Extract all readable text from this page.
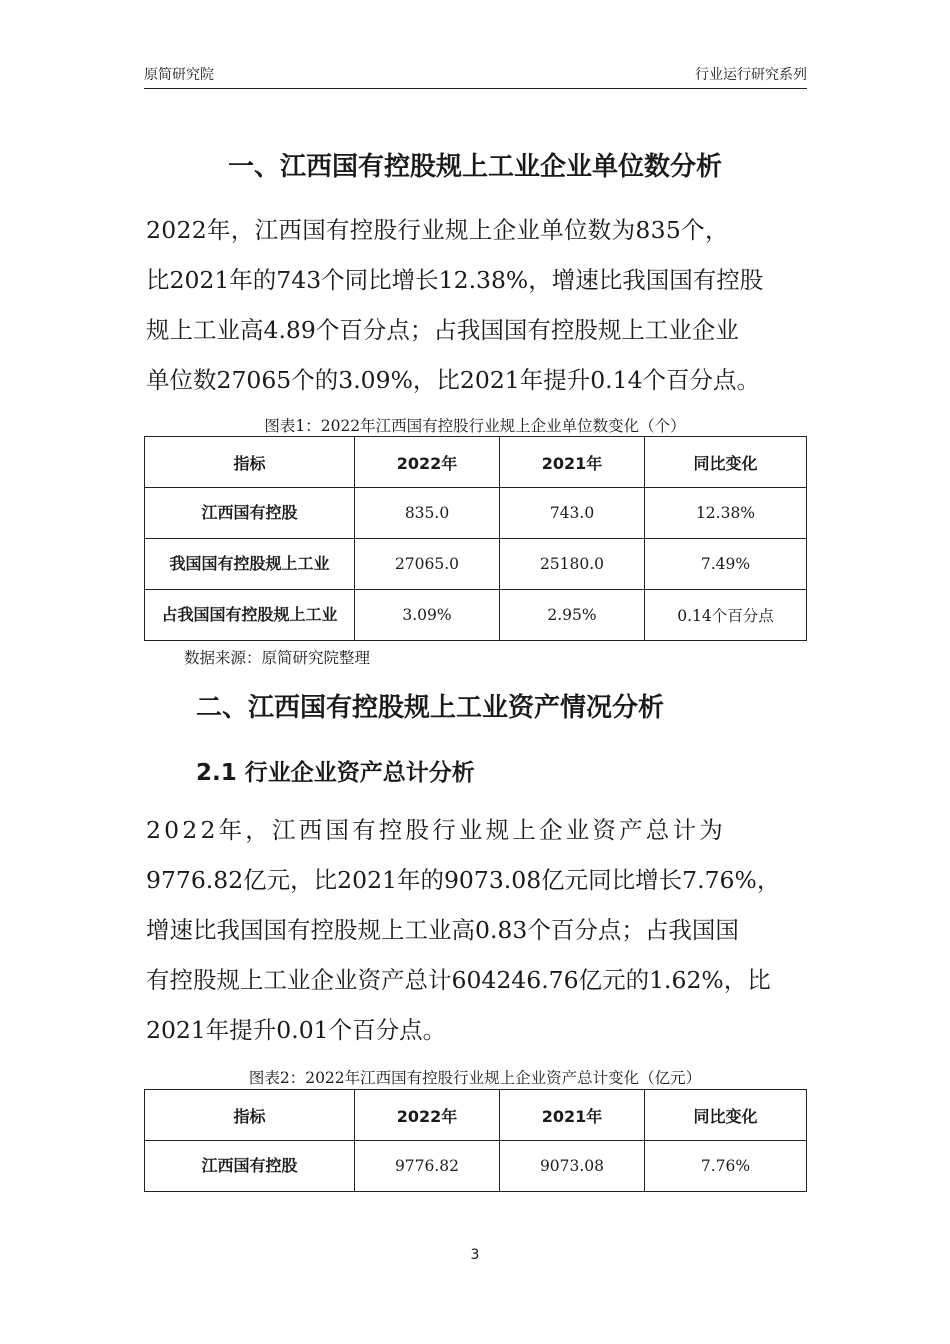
原简研究院	行业运行研究系列
一、江西国有控股规上工业企业单位数分析
2022年，江西国有控股行业规上企业单位数为835个，
比2021年的743个同比增长12.38%，增速比我国国有控股
规上工业高4.89个百分点；占我国国有控股规上工业企业
单位数27065个的3.09%，比2021年提升0.14个百分点。
图表1：2022年江西国有控股行业规上企业单位数变化（个）
指标	2022年	2021年	同比变化
江西国有控股	835.0	743.0	12.38%
我国国有控股规上工业	27065.0	25180.0	7.49%
占我国国有控股规上工业	3.09%	2.95%	0.14个百分点
数据来源：原简研究院整理
二、江西国有控股规上工业资产情况分析
2.1 行业企业资产总计分析
2022年，江西国有控股行业规上企业资产总计为
9776.82亿元，比2021年的9073.08亿元同比增长7.76%，
增速比我国国有控股规上工业高0.83个百分点；占我国国
有控股规上工业企业资产总计604246.76亿元的1.62%，比
2021年提升0.01个百分点。
图表2：2022年江西国有控股行业规上企业资产总计变化（亿元）
指标	2022年	2021年	同比变化
江西国有控股	9776.82	9073.08	7.76%
3
